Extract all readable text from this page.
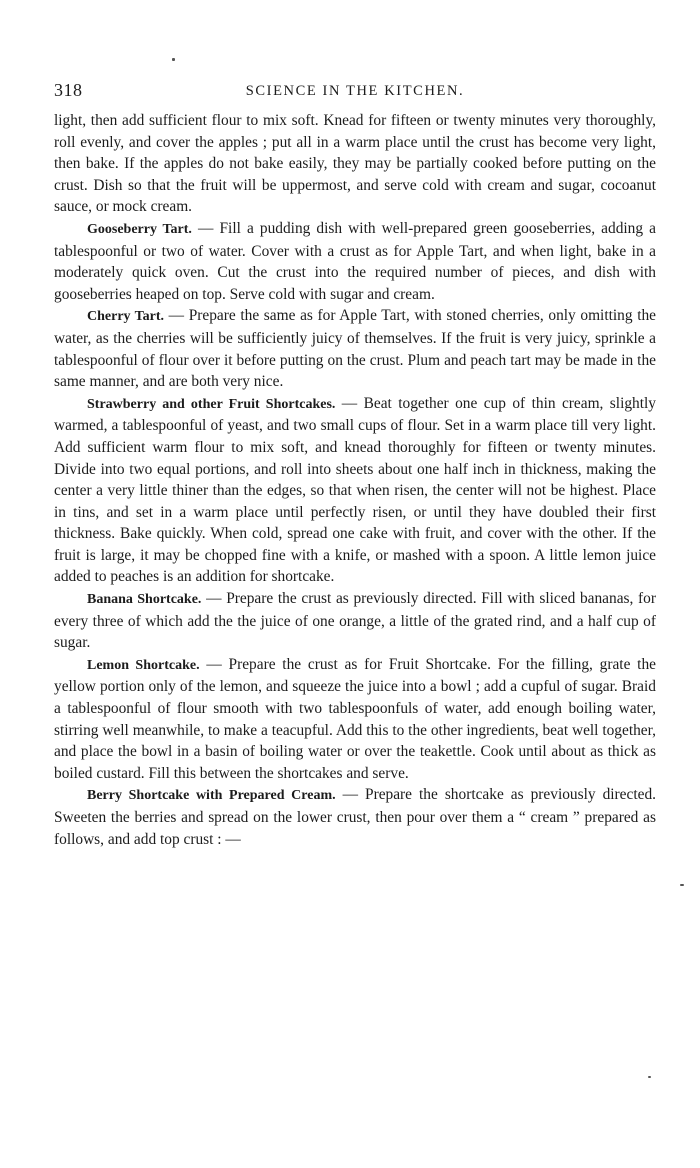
318	SCIENCE IN THE KITCHEN.

light, then add sufficient flour to mix soft. Knead for fifteen or twenty minutes very thoroughly, roll evenly, and cover the apples ; put all in a warm place until the crust has become very light, then bake. If the apples do not bake easily, they may be partially cooked before putting on the crust. Dish so that the fruit will be uppermost, and serve cold with cream and sugar, cocoanut sauce, or mock cream.

Gooseberry Tart. — Fill a pudding dish with well-prepared green gooseberries, adding a tablespoonful or two of water. Cover with a crust as for Apple Tart, and when light, bake in a moderately quick oven. Cut the crust into the required number of pieces, and dish with gooseberries heaped on top. Serve cold with sugar and cream.

Cherry Tart. — Prepare the same as for Apple Tart, with stoned cherries, only omitting the water, as the cherries will be sufficiently juicy of themselves. If the fruit is very juicy, sprinkle a tablespoonful of flour over it before putting on the crust. Plum and peach tart may be made in the same manner, and are both very nice.

Strawberry and other Fruit Shortcakes. — Beat together one cup of thin cream, slightly warmed, a tablespoonful of yeast, and two small cups of flour. Set in a warm place till very light. Add sufficient warm flour to mix soft, and knead thoroughly for fifteen or twenty minutes. Divide into two equal portions, and roll into sheets about one half inch in thickness, making the center a very little thiner than the edges, so that when risen, the center will not be highest. Place in tins, and set in a warm place until perfectly risen, or until they have doubled their first thickness. Bake quickly. When cold, spread one cake with fruit, and cover with the other. If the fruit is large, it may be chopped fine with a knife, or mashed with a spoon. A little lemon juice added to peaches is an addition for shortcake.

Banana Shortcake. — Prepare the crust as previously directed. Fill with sliced bananas, for every three of which add the the juice of one orange, a little of the grated rind, and a half cup of sugar.

Lemon Shortcake. — Prepare the crust as for Fruit Shortcake. For the filling, grate the yellow portion only of the lemon, and squeeze the juice into a bowl ; add a cupful of sugar. Braid a tablespoonful of flour smooth with two tablespoonfuls of water, add enough boiling water, stirring well meanwhile, to make a teacupful. Add this to the other ingredients, beat well together, and place the bowl in a basin of boiling water or over the teakettle. Cook until about as thick as boiled custard. Fill this between the shortcakes and serve.

Berry Shortcake with Prepared Cream. — Prepare the shortcake as previously directed. Sweeten the berries and spread on the lower crust, then pour over them a “ cream ” prepared as follows, and add top crust : —
